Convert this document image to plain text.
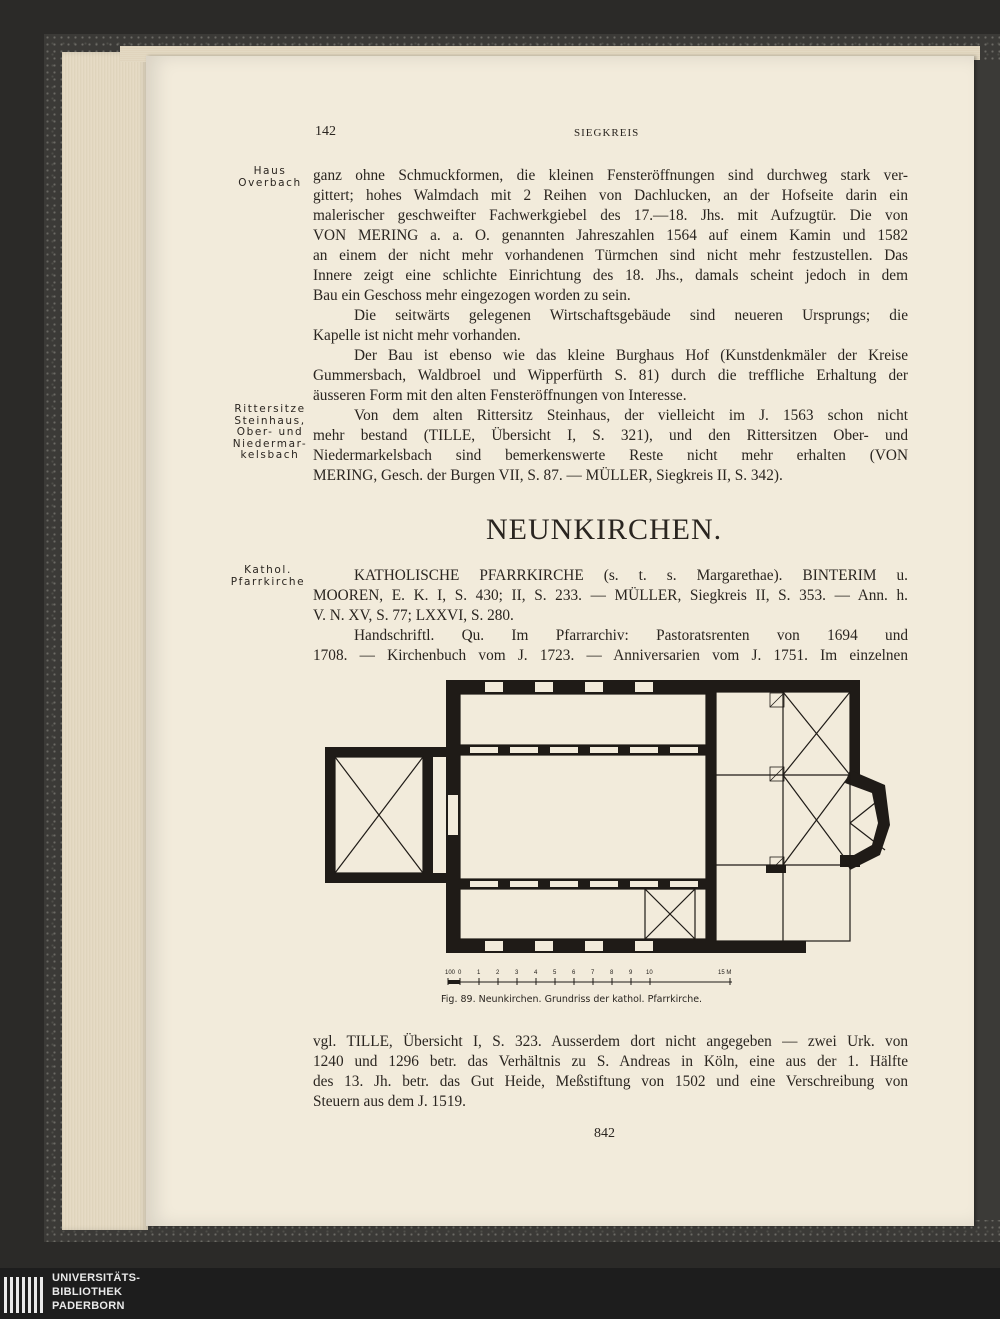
142	SIEGKREIS
Haus
Overbach
Rittersitze
Steinhaus,
Ober- und
Niedermar-
kelsbach
Kathol.
Pfarrkirche
ganz ohne Schmuckformen, die kleinen Fensteröffnungen sind durchweg stark ver-
gittert; hohes Walmdach mit 2 Reihen von Dachlucken, an der Hofseite darin ein
malerischer geschweifter Fachwerkgiebel des 17.—18. Jhs. mit Aufzugtür. Die von
VON MERING a. a. O. genannten Jahreszahlen 1564 auf einem Kamin und 1582
an einem der nicht mehr vorhandenen Türmchen sind nicht mehr festzustellen. Das
Innere zeigt eine schlichte Einrichtung des 18. Jhs., damals scheint jedoch in dem
Bau ein Geschoss mehr eingezogen worden zu sein.
Die seitwärts gelegenen Wirtschaftsgebäude sind neueren Ursprungs; die
Kapelle ist nicht mehr vorhanden.
Der Bau ist ebenso wie das kleine Burghaus Hof (Kunstdenkmäler der Kreise
Gummersbach, Waldbroel und Wipperfürth S. 81) durch die treffliche Erhaltung der
äusseren Form mit den alten Fensteröffnungen von Interesse.
Von dem alten Rittersitz Steinhaus, der vielleicht im J. 1563 schon nicht
mehr bestand (TILLE, Übersicht I, S. 321), und den Rittersitzen Ober- und
Niedermarkelsbach sind bemerkenswerte Reste nicht mehr erhalten (VON
MERING, Gesch. der Burgen VII, S. 87. — MÜLLER, Siegkreis II, S. 342).
NEUNKIRCHEN.
KATHOLISCHE PFARRKIRCHE (s. t. s. Margarethae). BINTERIM u.
MOOREN, E. K. I, S. 430; II, S. 233. — MÜLLER, Siegkreis II, S. 353. — Ann. h.
V. N. XV, S. 77; LXXVI, S. 280.
Handschriftl. Qu. Im Pfarrarchiv: Pastoratsrenten von 1694 und
1708. — Kirchenbuch vom J. 1723. — Anniversarien vom J. 1751. Im einzelnen
100 0	1	2	3	4	5	6	7	8	9 10	15 M
Fig. 89. Neunkirchen. Grundriss der kathol. Pfarrkirche.
vgl. TILLE, Übersicht I, S. 323. Ausserdem dort nicht angegeben — zwei Urk. von
1240 und 1296 betr. das Verhältnis zu S. Andreas in Köln, eine aus der 1. Hälfte
des 13. Jh. betr. das Gut Heide, Meßstiftung von 1502 und eine Verschreibung von
Steuern aus dem J. 1519.
842
UNIVERSITÄTS-
BIBLIOTHEK
PADERBORN
